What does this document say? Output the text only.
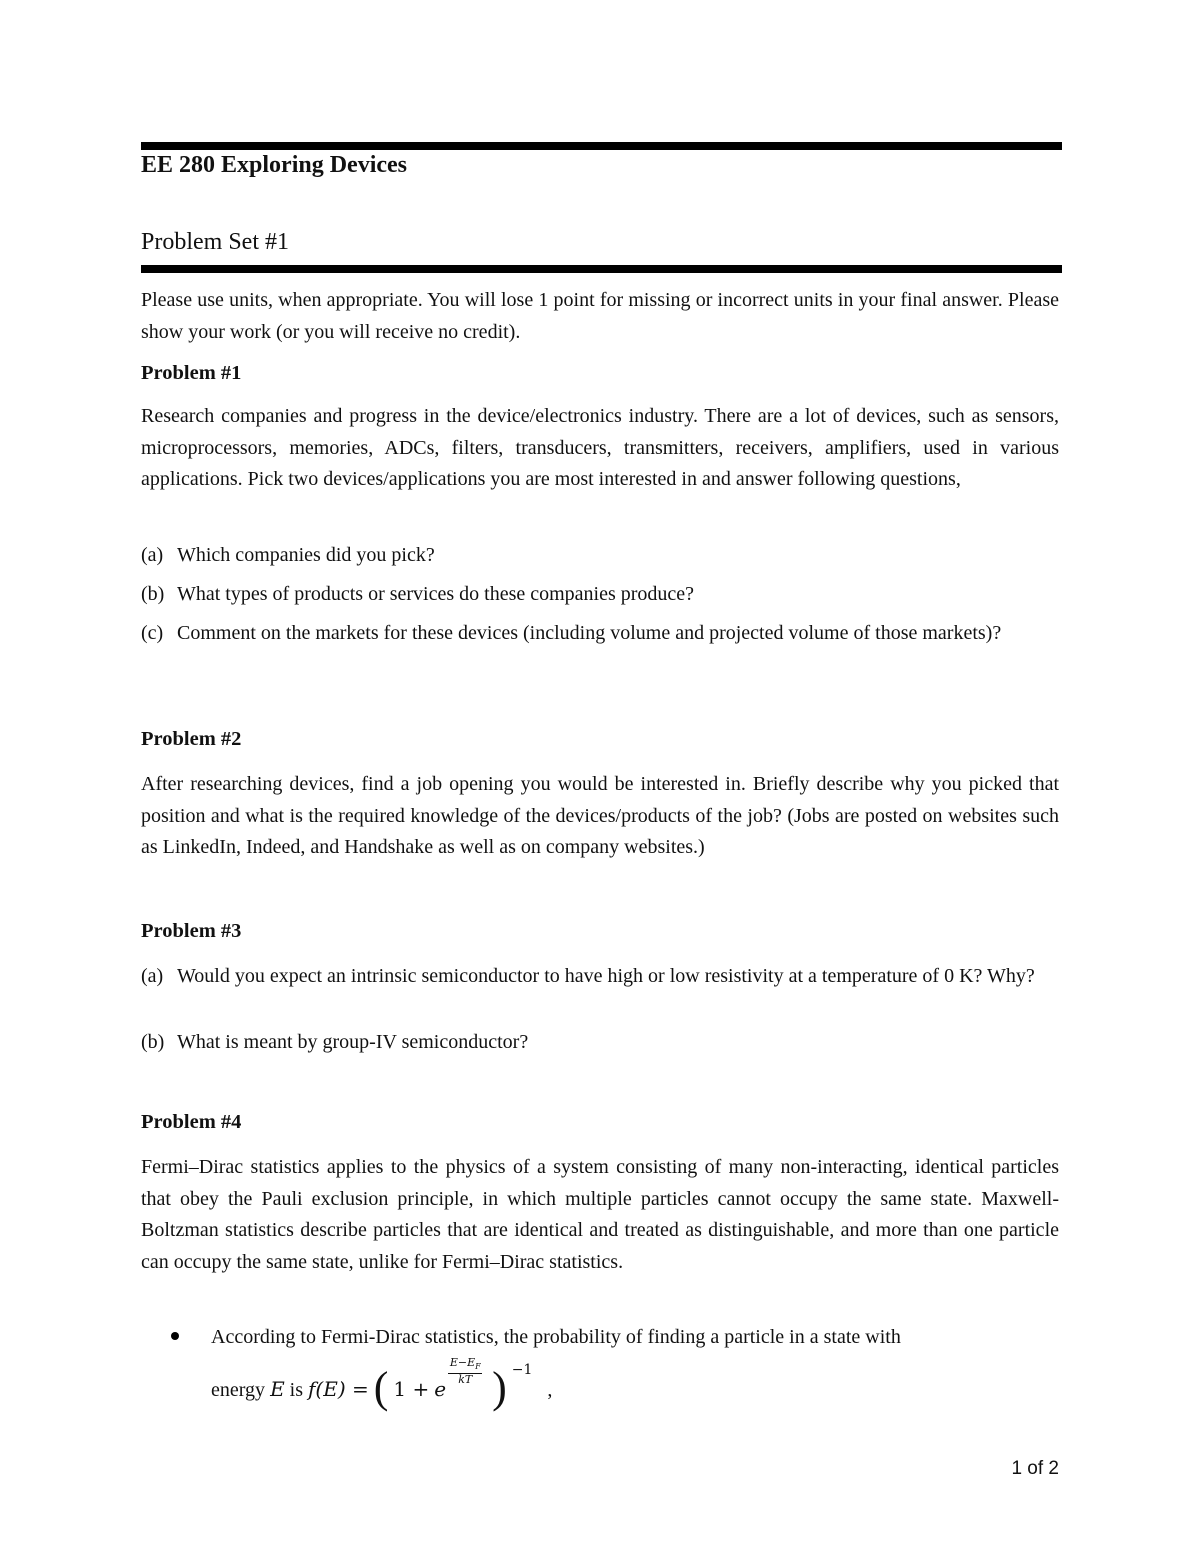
EE 280 Exploring Devices
Problem Set #1
Please use units, when appropriate. You will lose 1 point for missing or incorrect units in your final answer. Please show your work (or you will receive no credit).
Problem #1
Research companies and progress in the device/electronics industry. There are a lot of devices, such as sensors, microprocessors, memories, ADCs, filters, transducers, transmitters, receivers, amplifiers, used in various applications. Pick two devices/applications you are most interested in and answer following questions,
(a) Which companies did you pick?
(b) What types of products or services do these companies produce?
(c) Comment on the markets for these devices (including volume and projected volume of those markets)?
Problem #2
After researching devices, find a job opening you would be interested in. Briefly describe why you picked that position and what is the required knowledge of the devices/products of the job? (Jobs are posted on websites such as LinkedIn, Indeed, and Handshake as well as on company websites.)
Problem #3
(a) Would you expect an intrinsic semiconductor to have high or low resistivity at a temperature of 0 K? Why?
(b) What is meant by group-IV semiconductor?
Problem #4
Fermi–Dirac statistics applies to the physics of a system consisting of many non-interacting, identical particles that obey the Pauli exclusion principle, in which multiple particles cannot occupy the same state. Maxwell-Boltzman statistics describe particles that are identical and treated as distinguishable, and more than one particle can occupy the same state, unlike for Fermi–Dirac statistics.
According to Fermi-Dirac statistics, the probability of finding a particle in a state with
energy E is f(E) = ( 1 + e
$\frac{E-E_F}{kT}$ ) $^{-1}$ ,
1 of 2
